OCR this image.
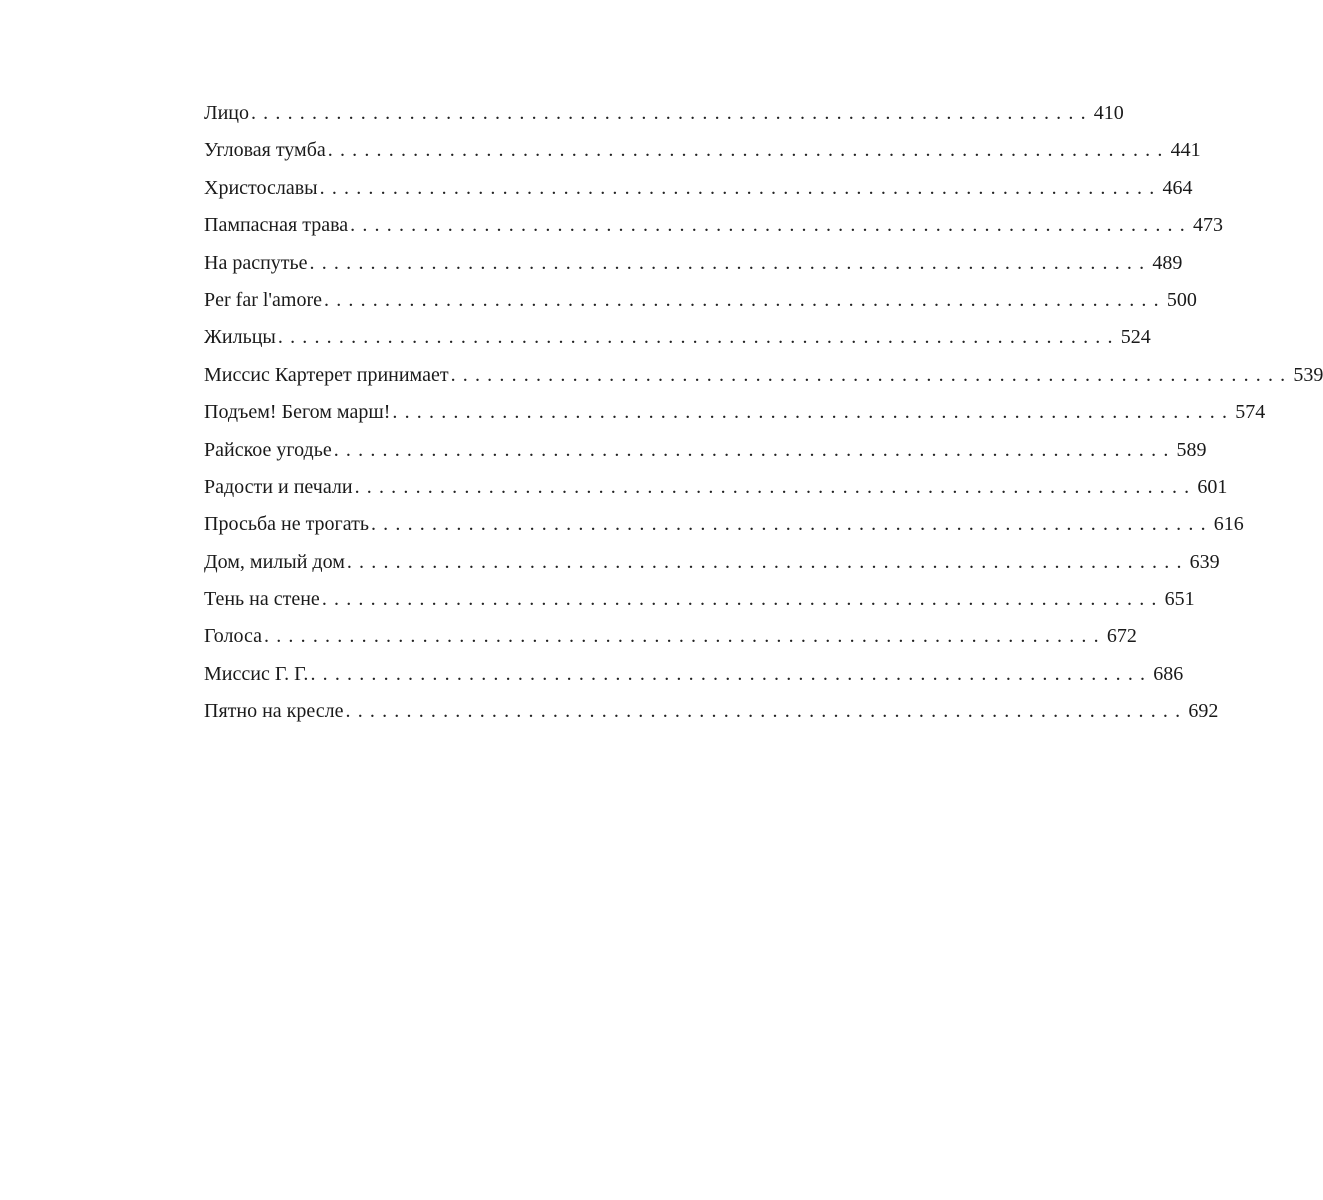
Лицо ..................................................................... 410
Угловая тумба ..................................................................... 441
Христославы ..................................................................... 464
Пампасная трава ..................................................................... 473
На распутье ..................................................................... 489
Per far l'amore ..................................................................... 500
Жильцы ..................................................................... 524
Миссис Картерет принимает ..................................................................... 539
Подъем! Бегом марш! ..................................................................... 574
Райское угодье ..................................................................... 589
Радости и печали ..................................................................... 601
Просьба не трогать ..................................................................... 616
Дом, милый дом ..................................................................... 639
Тень на стене ..................................................................... 651
Голоса ..................................................................... 672
Миссис Г. Г. ..................................................................... 686
Пятно на кресле ..................................................................... 692
